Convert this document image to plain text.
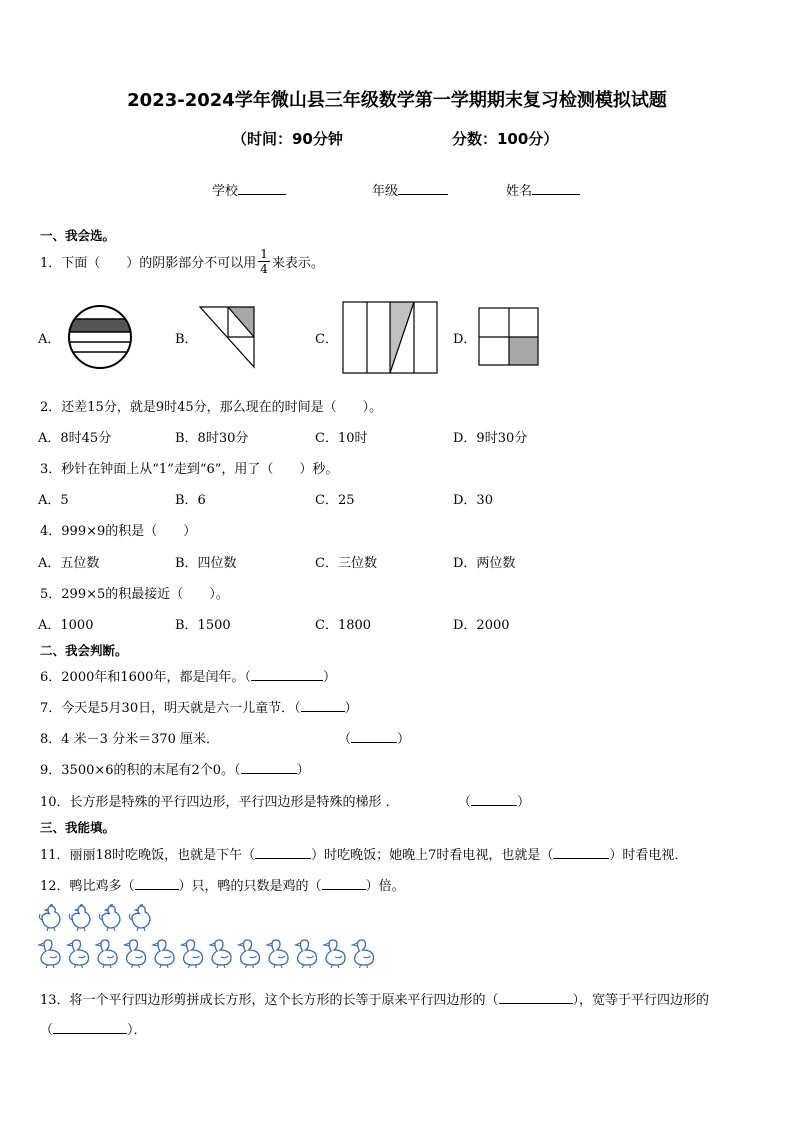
2023-2024学年微山县三年级数学第一学期期末复习检测模拟试题
（时间：90分钟	分数：100分）
学校	年级	姓名
一、我会选。
1．下面（　　）的阴影部分不可以用 $\frac{1}{4}$ 来表示。
A．	B．	C．	D．
2．还差15分，就是9时45分，那么现在的时间是（　　）。
A．8时45分	B．8时30分	C．10时	D．9时30分
3．秒针在钟面上从“1”走到“6”，用了（　　）秒。
A．5	B．6	C．25	D．30
4．999×9的积是（　　）
A．五位数	B．四位数	C．三位数	D．两位数
5．299×5的积最接近（　　）。
A．1000	B．1500	C．1800	D．2000
二、我会判断。
6．2000年和1600年，都是闰年。（	）
7．今天是5月30日，明天就是六一儿童节．（	）
8．4 米－3 分米＝370 厘米．	（	）
9．3500×6的积的末尾有2个0。（	）
10．长方形是特殊的平行四边形，平行四边形是特殊的梯形 ．	（	）
三、我能填。
11．丽丽18时吃晚饭，也就是下午（	）时吃晚饭；她晚上7时看电视，也就是（	）时看电视．
12．鸭比鸡多（	）只，鸭的只数是鸡的（	）倍。
13．将一个平行四边形剪拼成长方形，这个长方形的长等于原来平行四边形的（	），宽等于平行四边形的
（	）．
